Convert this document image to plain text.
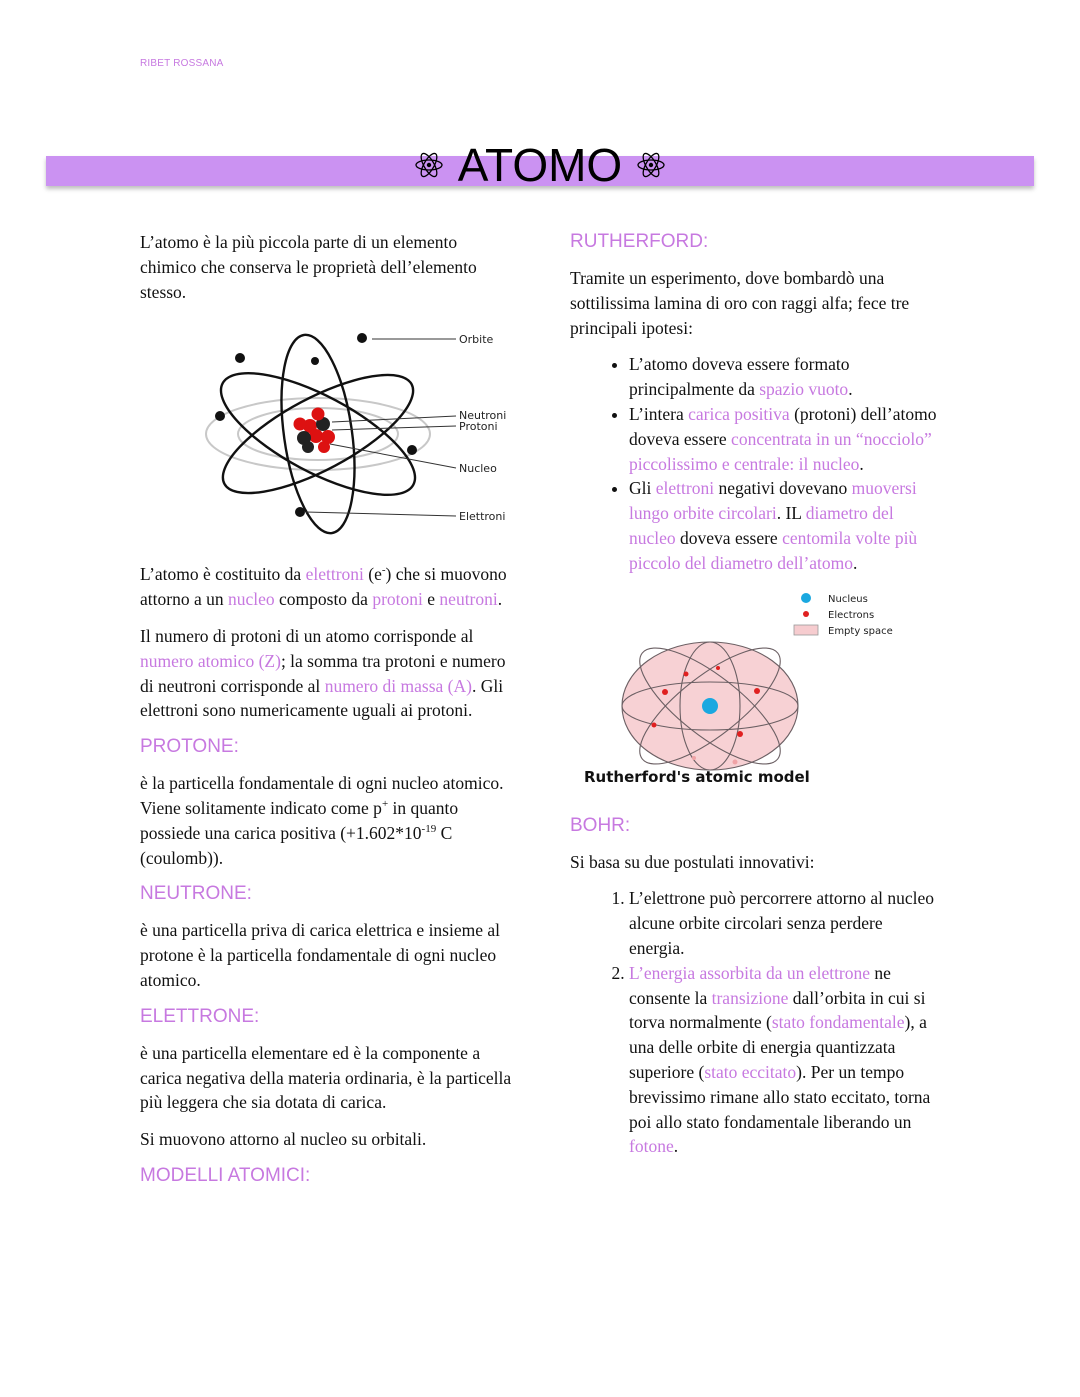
RIBET ROSSANA
ATOMO

L’atomo è la più piccola parte di un elemento chimico che conserva le proprietà dell’elemento stesso.

Orbite
Neutroni
Protoni
Nucleo
Elettroni

L’atomo è costituito da elettroni (e-) che si muovono attorno a un nucleo composto da protoni e neutroni.

Il numero di protoni di un atomo corrisponde al numero atomico (Z); la somma tra protoni e numero di neutroni corrisponde al numero di massa (A). Gli elettroni sono numericamente uguali ai protoni.

PROTONE:

è la particella fondamentale di ogni nucleo atomico.
Viene solitamente indicato come p+ in quanto possiede una carica positiva ($+1.602*10^{-19}$ C (coulomb)).

NEUTRONE:

è una particella priva di carica elettrica e insieme al protone è la particella fondamentale di ogni nucleo atomico.

ELETTRONE:

è una particella elementare ed è la componente a carica negativa della materia ordinaria, è la particella più leggera che sia dotata di carica.

Si muovono attorno al nucleo su orbitali.

MODELLI ATOMICI:
RUTHERFORD:

Tramite un esperimento, dove bombardò una sottilissima lamina di oro con raggi alfa; fece tre principali ipotesi:

• L’atomo doveva essere formato principalmente da spazio vuoto.
• L’intera carica positiva (protoni) dell’atomo doveva essere concentrata in un “nocciolo” piccolissimo e centrale: il nucleo.
• Gli elettroni negativi dovevano muoversi lungo orbite circolari. IL diametro del nucleo doveva essere centomila volte più piccolo del diametro dell’atomo.
Nucleus
Electrons
Empty space
Rutherford's atomic model
BOHR:

Si basa su due postulati innovativi:

1. L’elettrone può percorrere attorno al nucleo alcune orbite circolari senza perdere energia.
2. L’energia assorbita da un elettrone ne consente la transizione dall’orbita in cui si torva normalmente (stato fondamentale), a una delle orbite di energia quantizzata superiore (stato eccitato). Per un tempo brevissimo rimane allo stato eccitato, torna poi allo stato fondamentale liberando un fotone.
